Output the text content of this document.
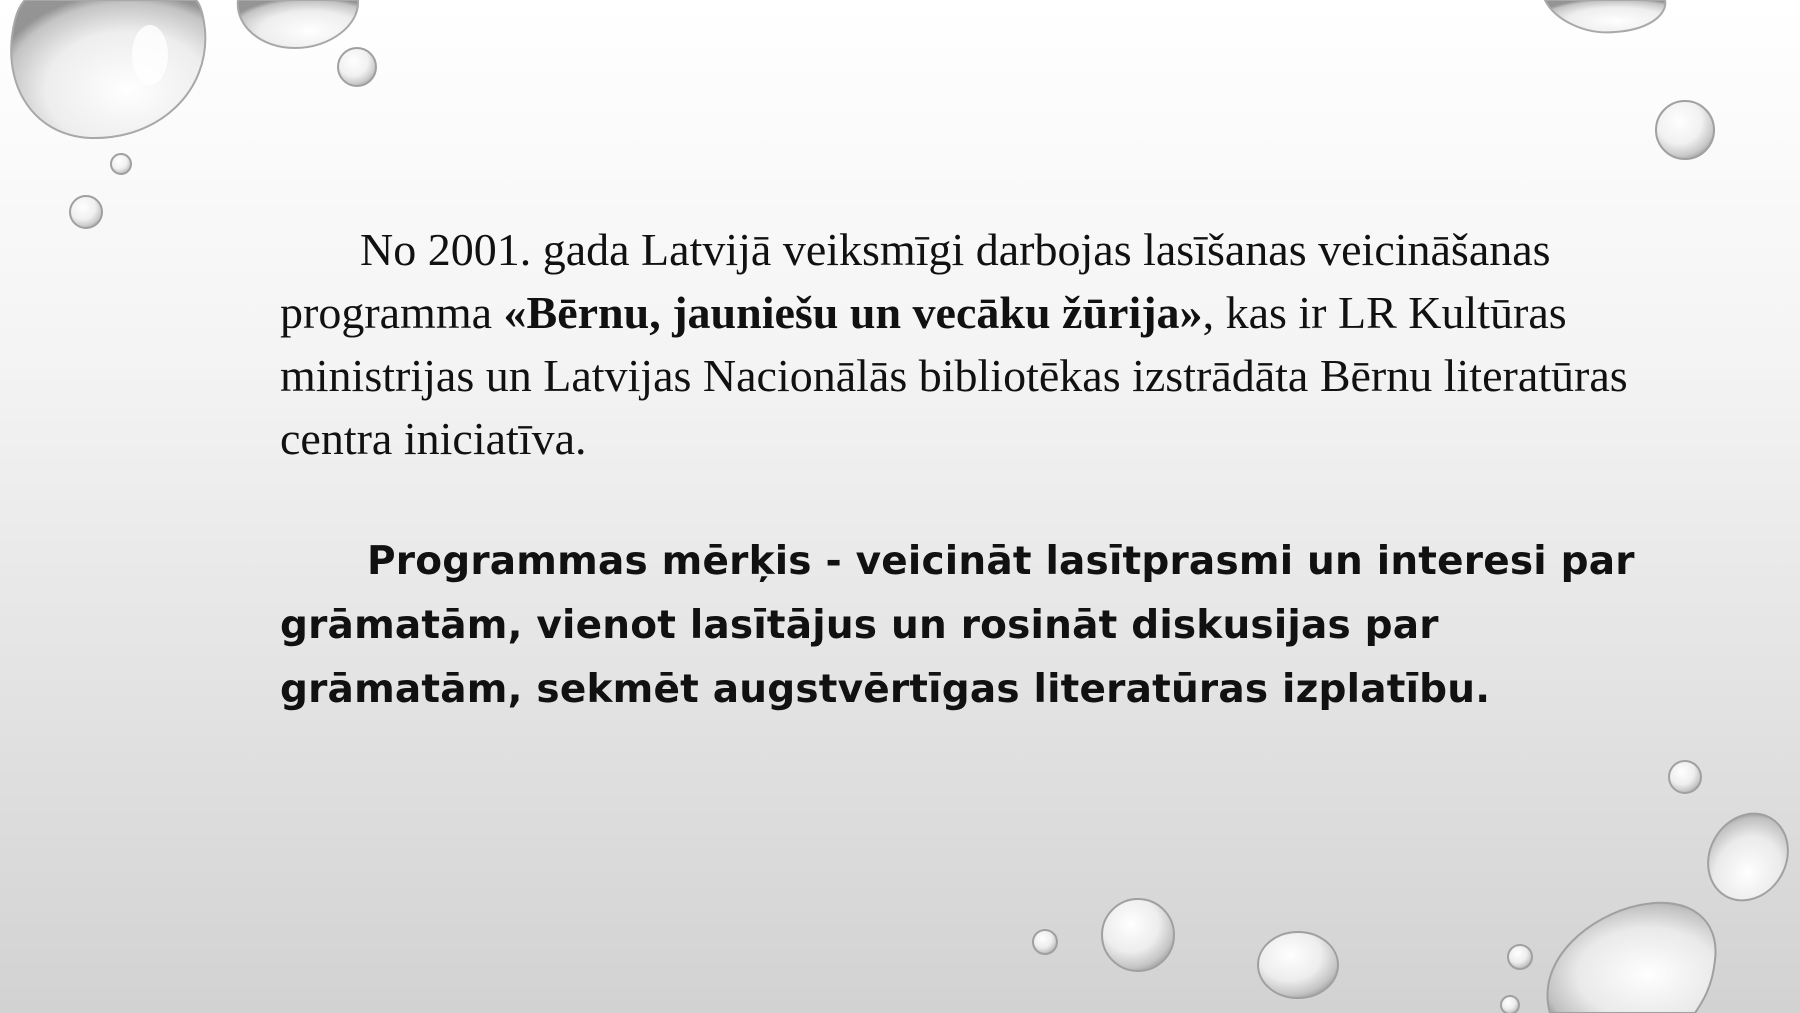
No 2001. gada Latvijā veiksmīgi darbojas lasīšanas veicināšanas programma «Bērnu, jauniešu un vecāku žūrija», kas ir LR Kultūras ministrijas un Latvijas Nacionālās bibliotēkas izstrādāta Bērnu literatūras centra iniciatīva.

Programmas mērķis - veicināt lasītprasmi un interesi par grāmatām, vienot lasītājus un rosināt diskusijas par grāmatām, sekmēt augstvērtīgas literatūras izplatību.
